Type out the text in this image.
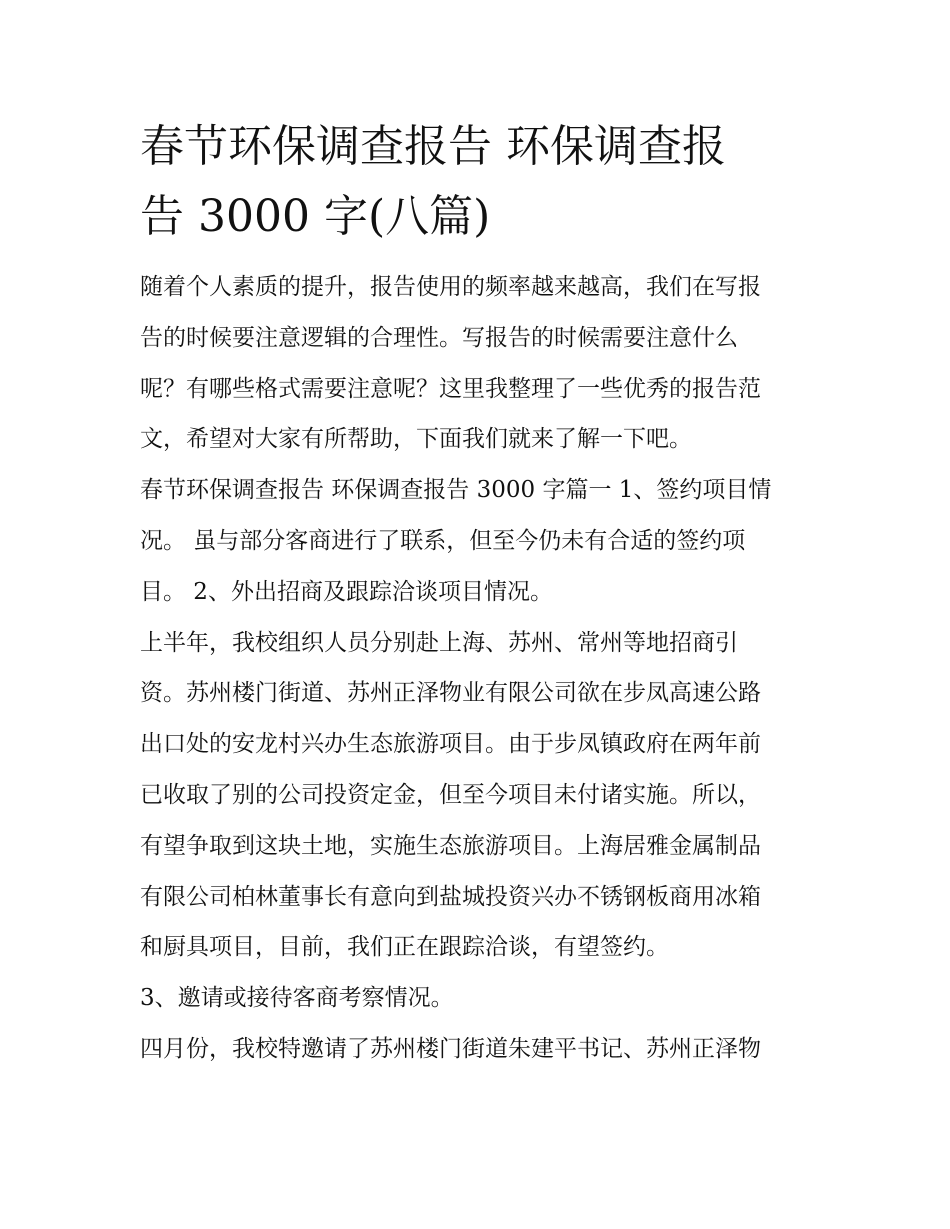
春节环保调查报告 环保调查报
告 3000 字(八篇)

随着个人素质的提升，报告使用的频率越来越高，我们在写报
告的时候要注意逻辑的合理性。写报告的时候需要注意什么
呢？有哪些格式需要注意呢？这里我整理了一些优秀的报告范
文，希望对大家有所帮助，下面我们就来了解一下吧。

春节环保调查报告 环保调查报告 3000 字篇一 1、签约项目情
况。 虽与部分客商进行了联系，但至今仍未有合适的签约项
目。 2、外出招商及跟踪洽谈项目情况。

上半年，我校组织人员分别赴上海、苏州、常州等地招商引
资。苏州楼门街道、苏州正泽物业有限公司欲在步凤高速公路
出口处的安龙村兴办生态旅游项目。由于步凤镇政府在两年前
已收取了别的公司投资定金，但至今项目未付诸实施。所以，
有望争取到这块土地，实施生态旅游项目。上海居雅金属制品
有限公司柏林董事长有意向到盐城投资兴办不锈钢板商用冰箱
和厨具项目，目前，我们正在跟踪洽谈，有望签约。

3、邀请或接待客商考察情况。

四月份，我校特邀请了苏州楼门街道朱建平书记、苏州正泽物
